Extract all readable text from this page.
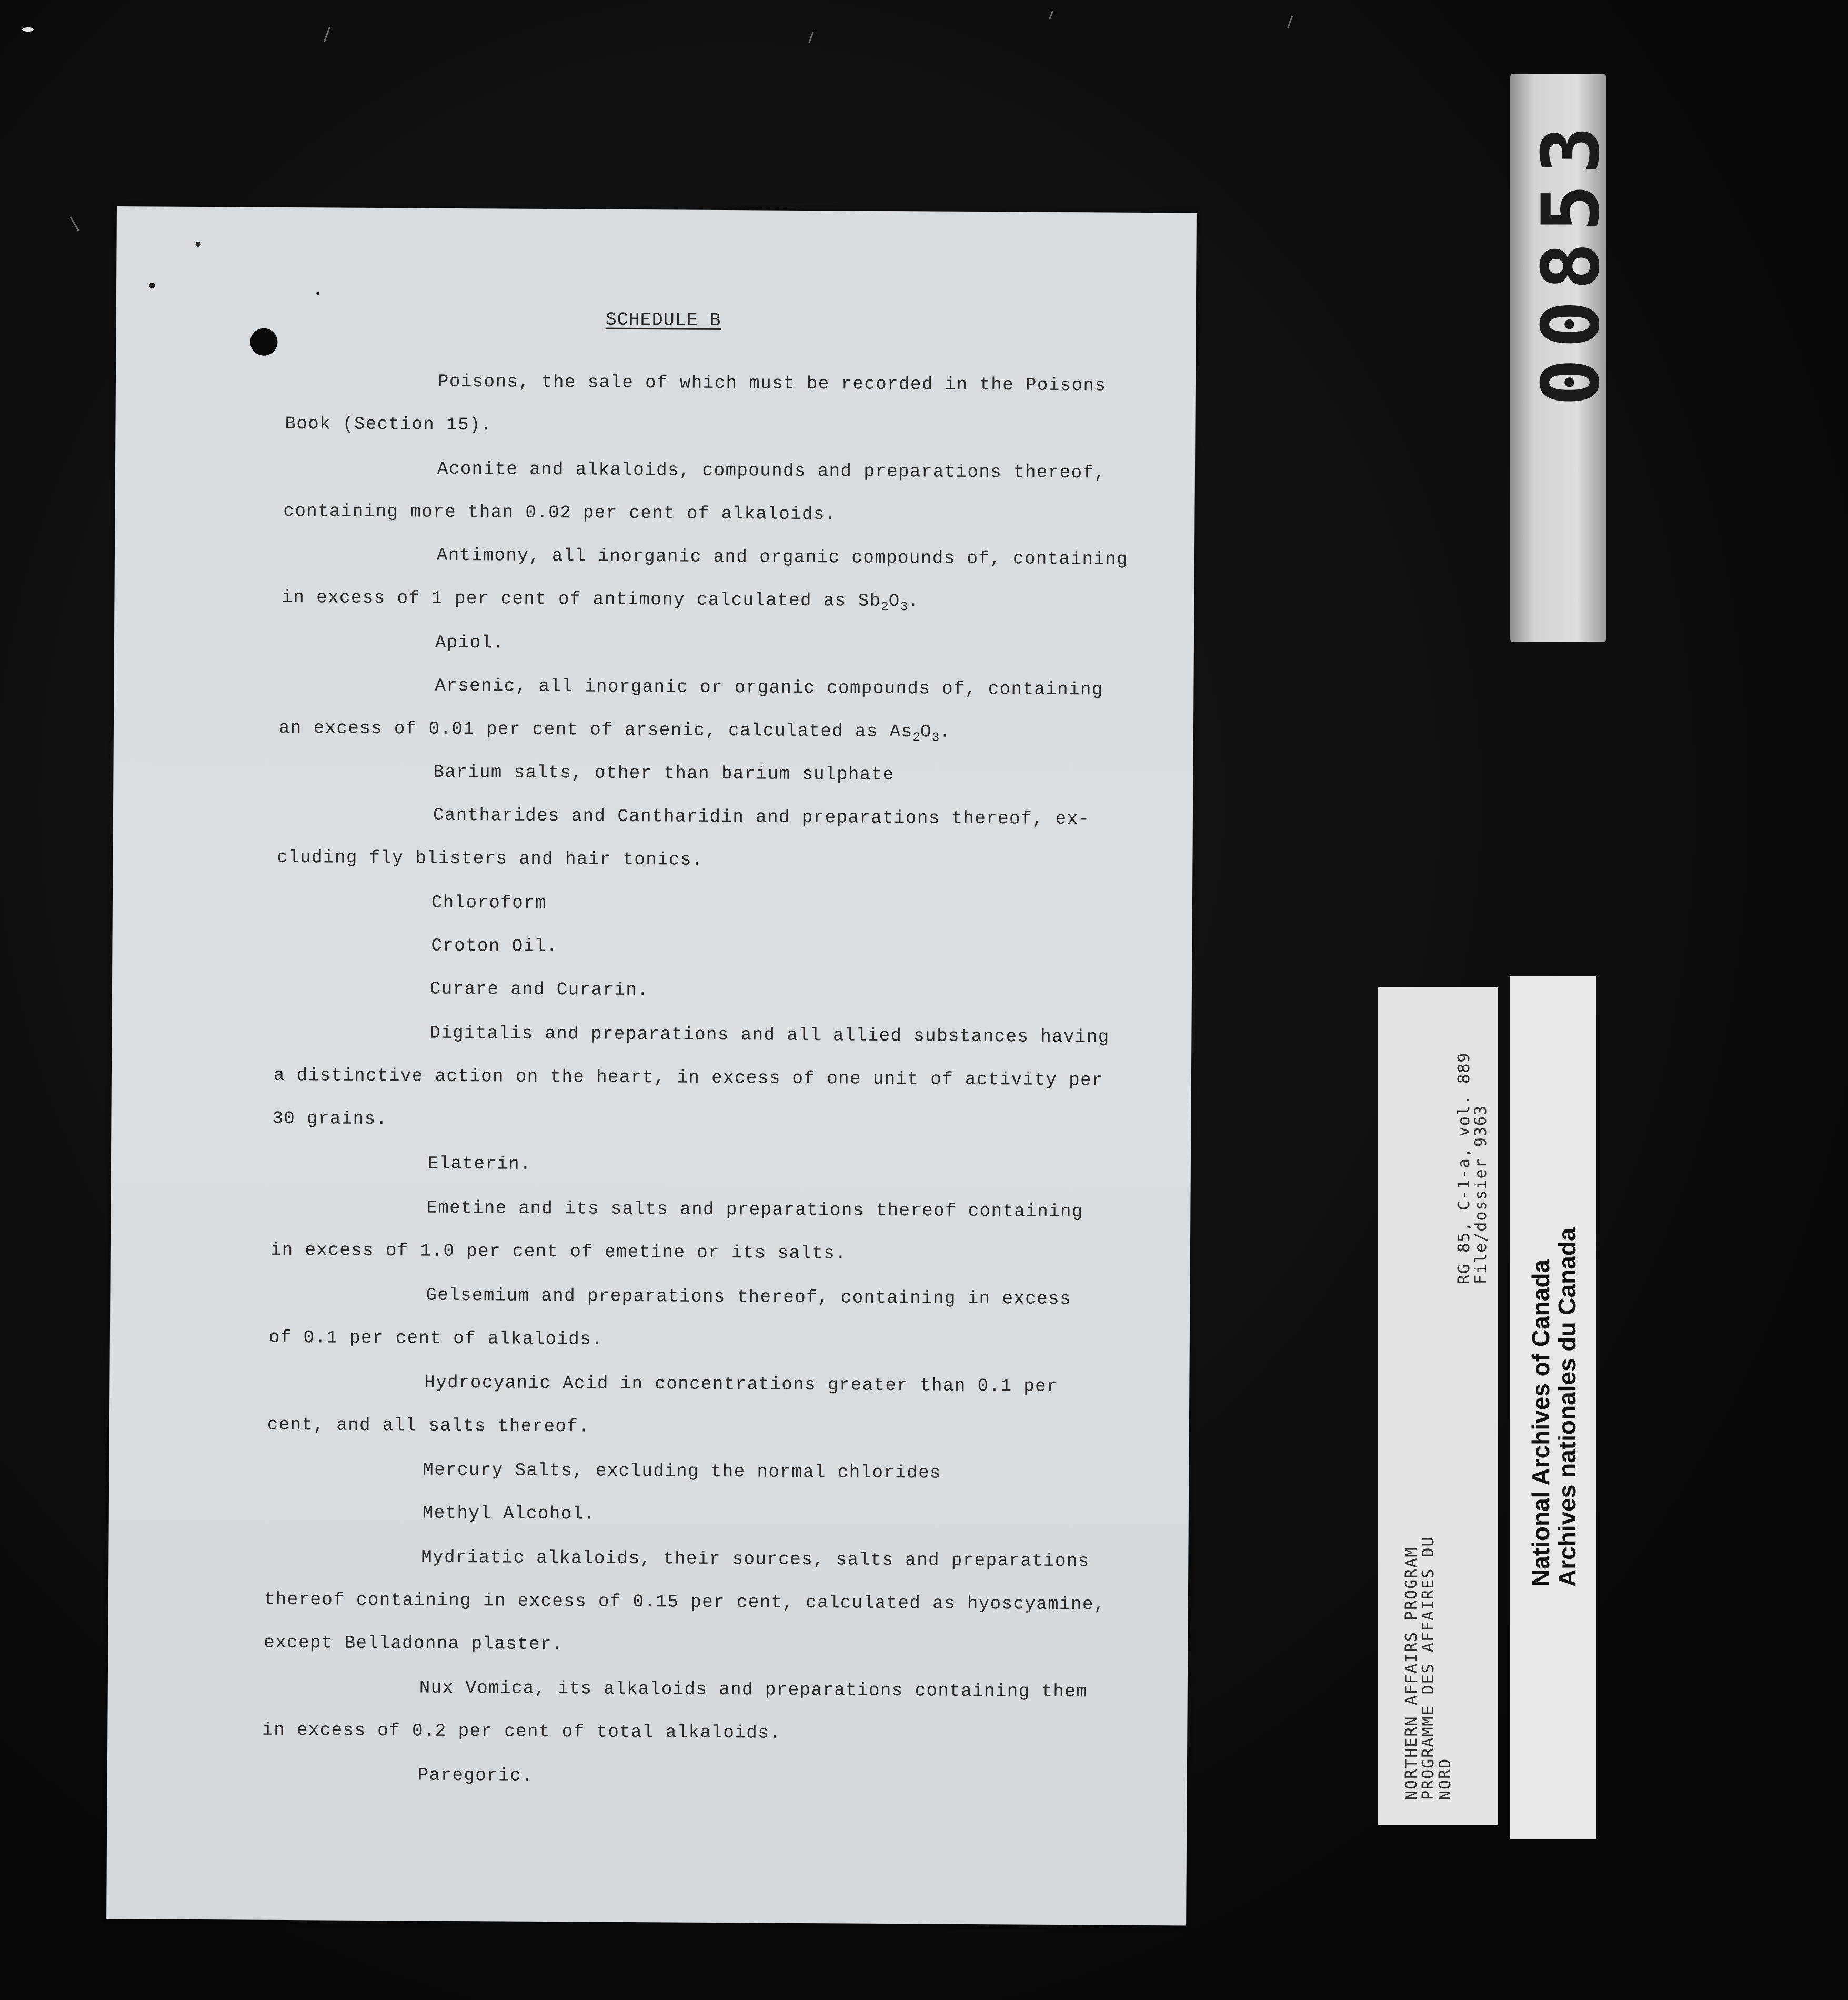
SCHEDULE B
Poisons, the sale of which must be recorded in the Poisons
Book (Section 15).
Aconite and alkaloids, compounds and preparations thereof,
containing more than 0.02 per cent of alkaloids.
Antimony, all inorganic and organic compounds of, containing
in excess of 1 per cent of antimony calculated as $Sb_2O_3$.
Apiol.
Arsenic, all inorganic or organic compounds of, containing
an excess of 0.01 per cent of arsenic, calculated as $As_2O_3$.
Barium salts, other than barium sulphate
Cantharides and Cantharidin and preparations thereof, ex-
cluding fly blisters and hair tonics.
Chloroform
Croton Oil.
Curare and Curarin.
Digitalis and preparations and all allied substances having
a distinctive action on the heart, in excess of one unit of activity per
30 grains.
Elaterin.
Emetine and its salts and preparations thereof containing
in excess of 1.0 per cent of emetine or its salts.
Gelsemium and preparations thereof, containing in excess
of 0.1 per cent of alkaloids.
Hydrocyanic Acid in concentrations greater than 0.1 per
cent, and all salts thereof.
Mercury Salts, excluding the normal chlorides
Methyl Alcohol.
Mydriatic alkaloids, their sources, salts and preparations
thereof containing in excess of 0.15 per cent, calculated as hyoscyamine,
except Belladonna plaster.
Nux Vomica, its alkaloids and preparations containing them
in excess of 0.2 per cent of total alkaloids.
Paregoric.
00853
NORTHERN AFFAIRS PROGRAM
PROGRAMME DES AFFAIRES DU
NORD
RG 85, C-1-a, vol. 889
File/dossier 9363
National Archives of Canada
Archives nationales du Canada
